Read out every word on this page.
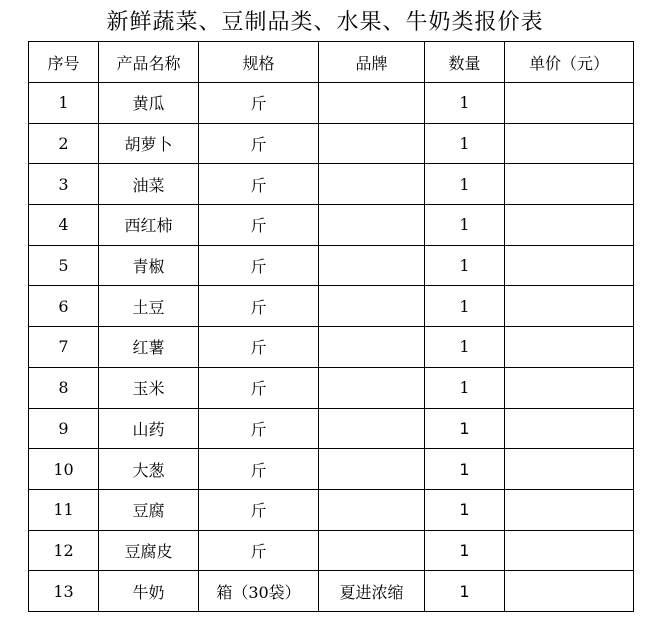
新鲜蔬菜、豆制品类、水果、牛奶类报价表
序号	产品名称	规格	品牌	数量	单价（元）
1	黄瓜	斤		1	
2	胡萝卜	斤		1	
3	油菜	斤		1	
4	西红柿	斤		1	
5	青椒	斤		1	
6	土豆	斤		1	
7	红薯	斤		1	
8	玉米	斤		1	
9	山药	斤		1	
10	大葱	斤		1	
11	豆腐	斤		1	
12	豆腐皮	斤		1	
13	牛奶	箱（30袋）	夏进浓缩	1	
